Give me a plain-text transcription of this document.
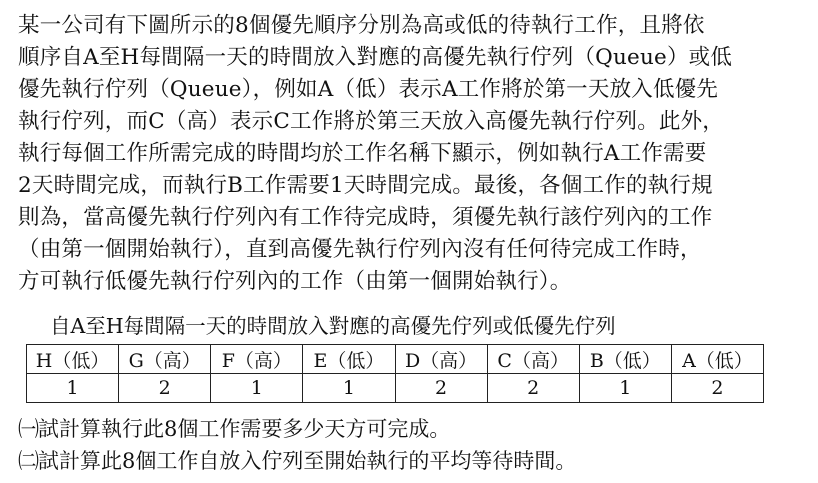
某一公司有下圖所示的8個優先順序分別為高或低的待執行工作，且將依
順序自A至H每間隔一天的時間放入對應的高優先執行佇列（Queue）或低
優先執行佇列（Queue），例如A（低）表示A工作將於第一天放入低優先
執行佇列，而C（高）表示C工作將於第三天放入高優先執行佇列。此外，
執行每個工作所需完成的時間均於工作名稱下顯示，例如執行A工作需要
2天時間完成，而執行B工作需要1天時間完成。最後，各個工作的執行規
則為，當高優先執行佇列內有工作待完成時，須優先執行該佇列內的工作
（由第一個開始執行），直到高優先執行佇列內沒有任何待完成工作時，
方可執行低優先執行佇列內的工作（由第一個開始執行）。
自A至H每間隔一天的時間放入對應的高優先佇列或低優先佇列
H（低）	G（高）	F（高）	E（低）	D（高）	C（高）	B（低）	A（低）
1	2	1	1	2	2	1	2
㈠試計算執行此8個工作需要多少天方可完成。
㈡試計算此8個工作自放入佇列至開始執行的平均等待時間。
